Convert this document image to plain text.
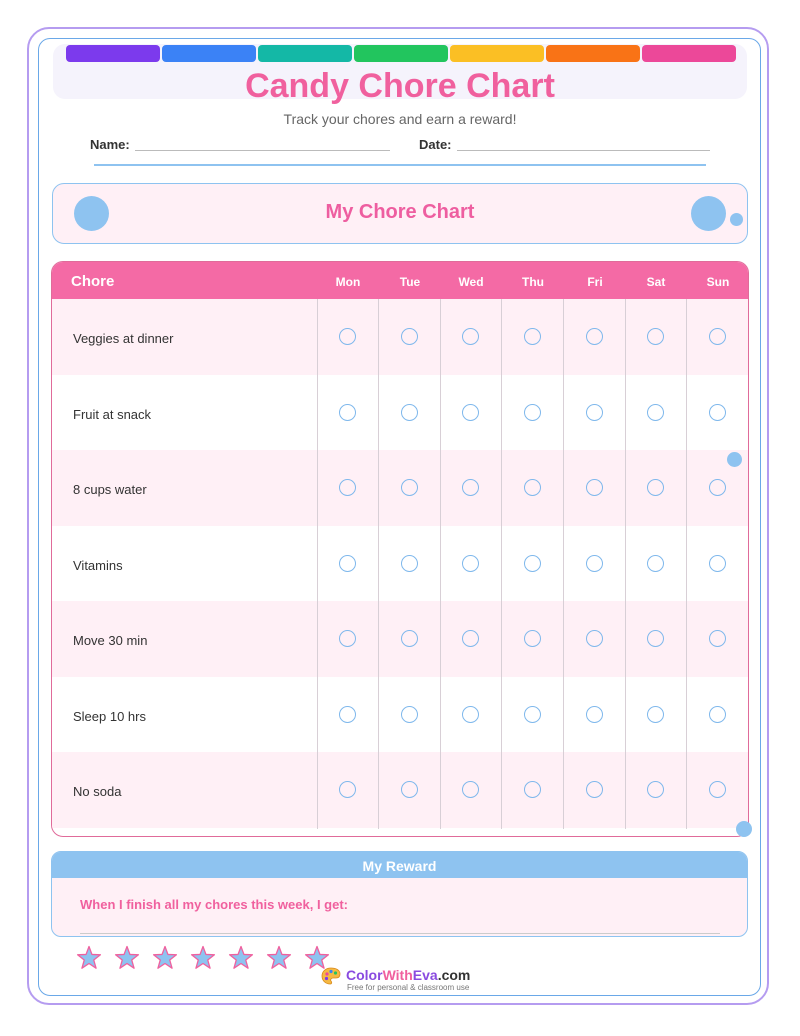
Candy Chore Chart
Track your chores and earn a reward!
Name:	Date:
My Chore Chart
Chore	Mon	Tue	Wed	Thu	Fri	Sat	Sun
Veggies at dinner
Fruit at snack
8 cups water
Vitamins
Move 30 min
Sleep 10 hrs
No soda
My Reward
When I finish all my chores this week, I get:
ColorWithEva.com
Free for personal & classroom use
